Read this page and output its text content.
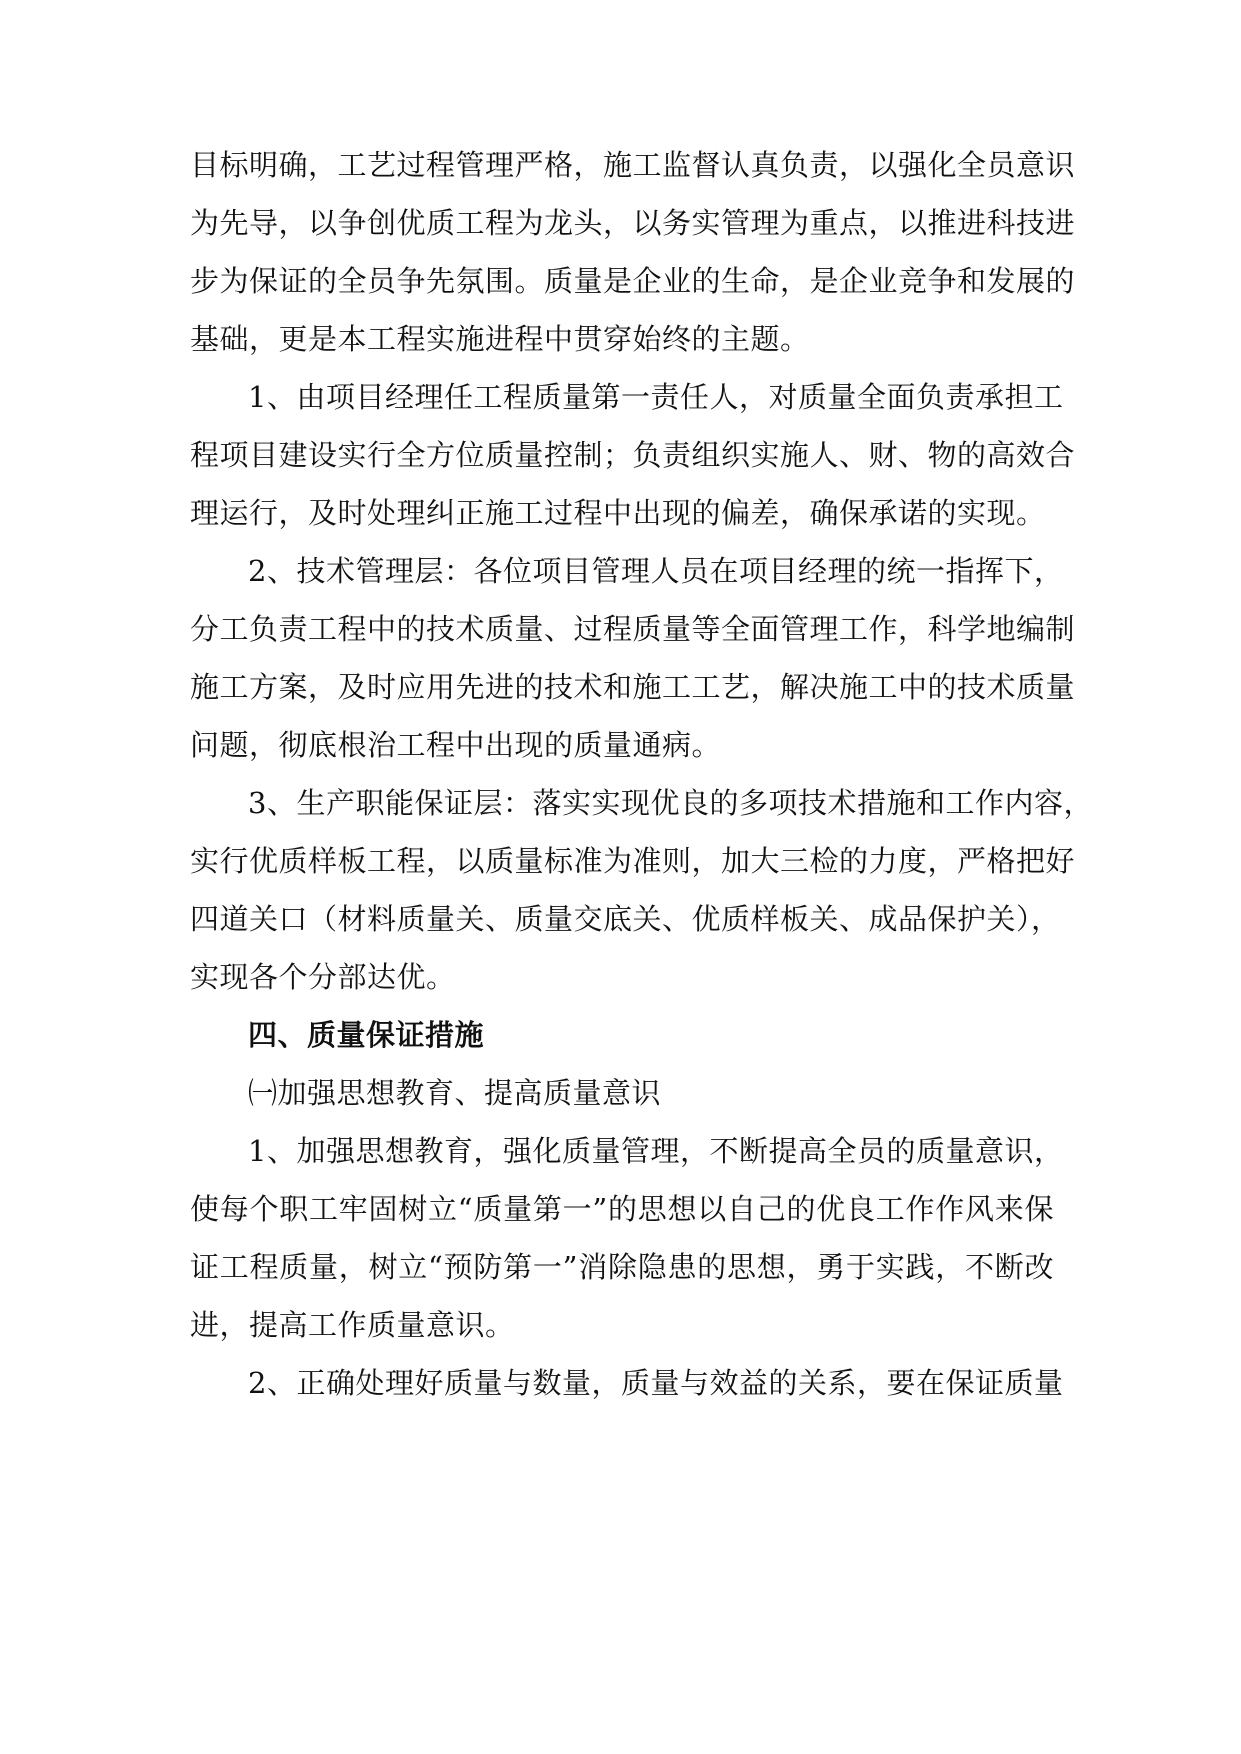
目标明确，工艺过程管理严格，施工监督认真负责，以强化全员意识
为先导，以争创优质工程为龙头，以务实管理为重点，以推进科技进
步为保证的全员争先氛围。质量是企业的生命，是企业竞争和发展的
基础，更是本工程实施进程中贯穿始终的主题。
1、由项目经理任工程质量第一责任人，对质量全面负责承担工
程项目建设实行全方位质量控制；负责组织实施人、财、物的高效合
理运行，及时处理纠正施工过程中出现的偏差，确保承诺的实现。
2、技术管理层：各位项目管理人员在项目经理的统一指挥下，
分工负责工程中的技术质量、过程质量等全面管理工作，科学地编制
施工方案，及时应用先进的技术和施工工艺，解决施工中的技术质量
问题，彻底根治工程中出现的质量通病。
3、生产职能保证层：落实实现优良的多项技术措施和工作内容，
实行优质样板工程，以质量标准为准则，加大三检的力度，严格把好
四道关口（材料质量关、质量交底关、优质样板关、成品保护关），
实现各个分部达优。
四、质量保证措施
㈠加强思想教育、提高质量意识
1、加强思想教育，强化质量管理，不断提高全员的质量意识，
使每个职工牢固树立“质量第一”的思想以自己的优良工作作风来保
证工程质量，树立“预防第一”消除隐患的思想，勇于实践，不断改
进，提高工作质量意识。
2、正确处理好质量与数量，质量与效益的关系，要在保证质量
